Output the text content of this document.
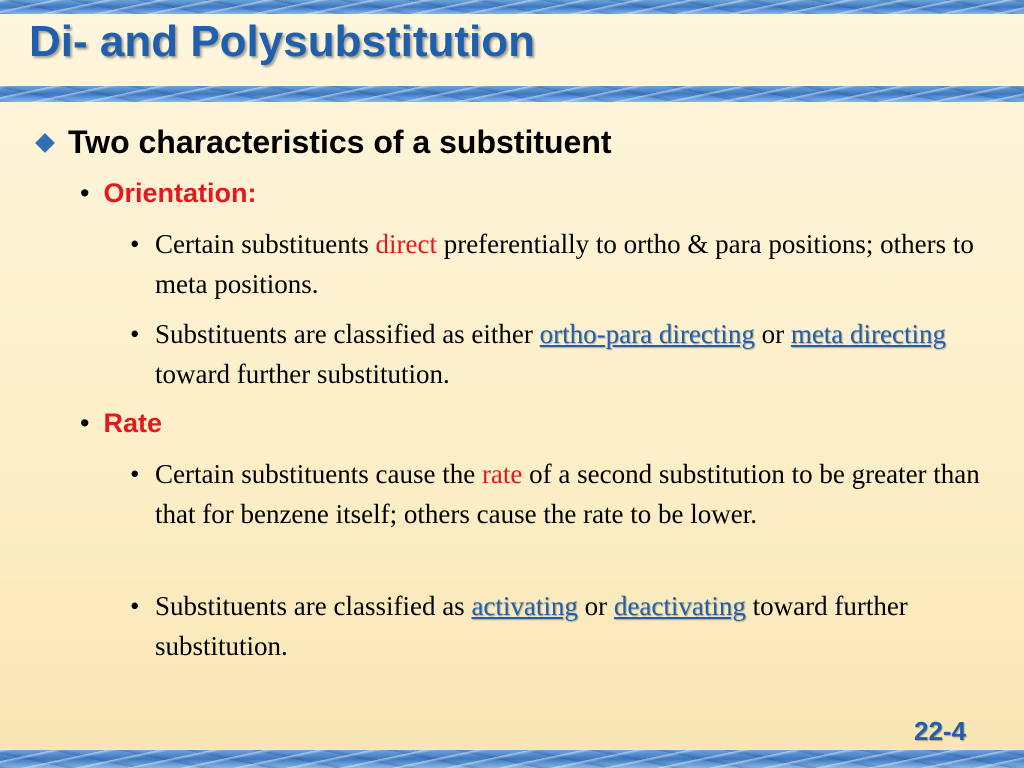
Di- and Polysubstitution
Two characteristics of a substituent
• Orientation:
• Certain substituents direct preferentially to ortho & para positions; others to meta positions.
• Substituents are classified as either ortho-para directing or meta directing toward further substitution.
• Rate
• Certain substituents cause the rate of a second substitution to be greater than that for benzene itself; others cause the rate to be lower.
• Substituents are classified as activating or deactivating toward further substitution.
22-4
